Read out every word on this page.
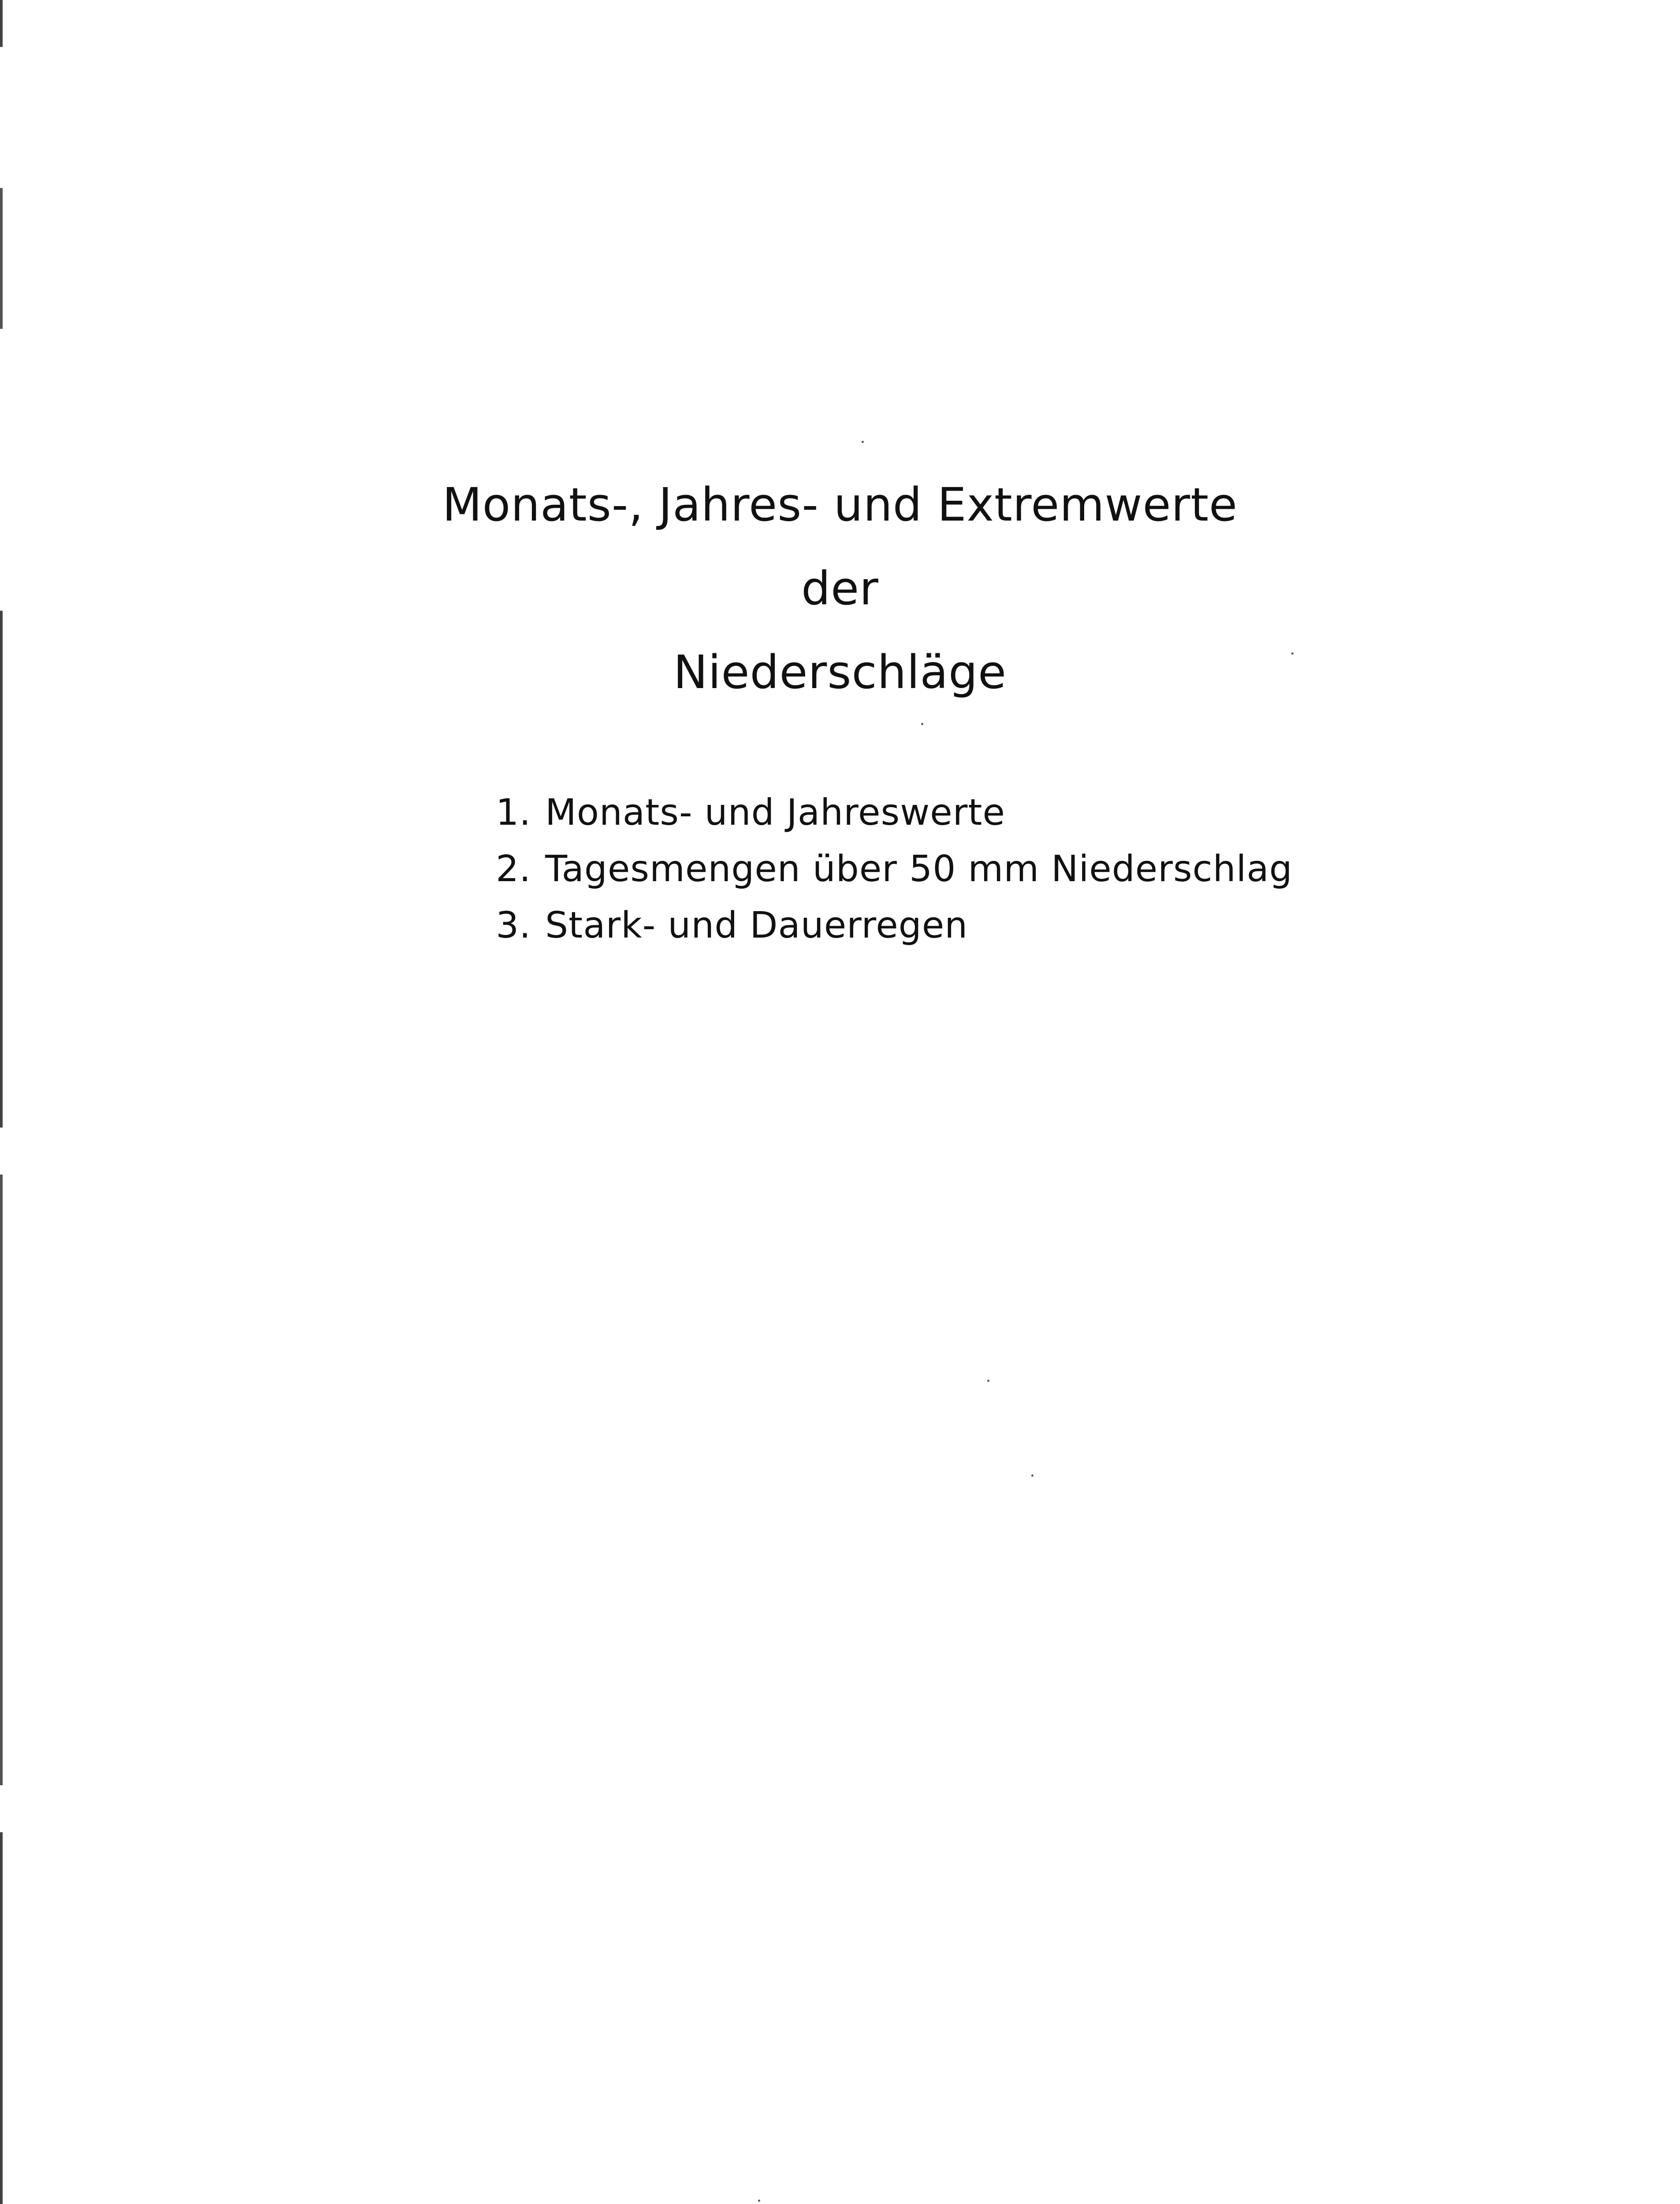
Monats-, Jahres- und Extremwerte
der
Niederschläge
1. Monats- und Jahreswerte
2. Tagesmengen über 50 mm Niederschlag
3. Stark- und Dauerregen
